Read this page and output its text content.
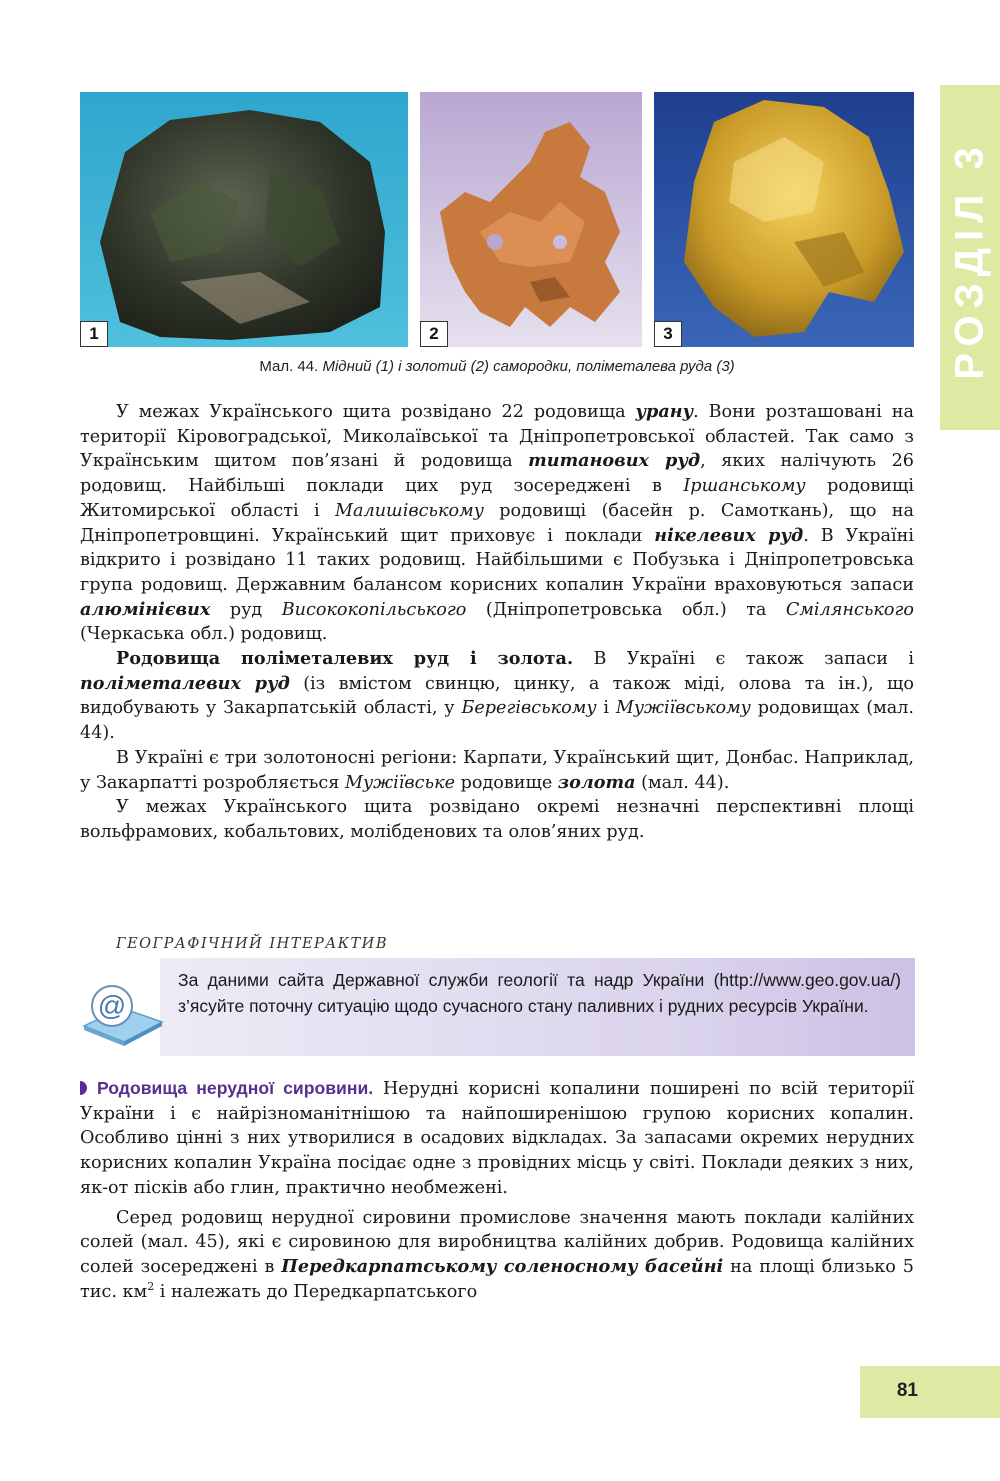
РОЗДІЛ 3
1	2	3
Мал. 44. Мідний (1) і золотий (2) самородки, поліметалева руда (3)

У межах Українського щита розвідано 22 родовища урану. Вони розташовані на території Кіровоградської, Миколаївської та Дніпропетровської областей. Так само з Українським щитом пов’язані й родовища титанових руд, яких налічують 26 родовищ. Найбільші поклади цих руд зосереджені в Іршанському родовищі Житомирської області і Малишівському родовищі (басейн р. Самоткань), що на Дніпропетровщині. Український щит приховує і поклади нікелевих руд. В Україні відкрито і розвідано 11 таких родовищ. Найбільшими є Побузька і Дніпропетровська група родовищ. Державним балансом корисних копалин України враховуються запаси алюмінієвих руд Висококопільського (Дніпропетровська обл.) та Смілянського (Черкаська обл.) родовищ.

Родовища поліметалевих руд і золота. В Україні є також запаси і поліметалевих руд (із вмістом свинцю, цинку, а також міді, олова та ін.), що видобувають у Закарпатській області, у Берегівському і Мужіївському родовищах (мал. 44).

В Україні є три золотоносні регіони: Карпати, Український щит, Донбас. Наприклад, у Закарпатті розробляється Мужіївське родовище золота (мал. 44).

У межах Українського щита розвідано окремі незначні перспективні площі вольфрамових, кобальтових, молібденових та олов’яних руд.

ГЕОГРАФІЧНИЙ ІНТЕРАКТИВ
За даними сайта Державної служби геології та надр України (http://www.geo.gov.ua/) з’ясуйте поточну ситуацію щодо сучасного стану паливних і рудних ресурсів України.
@

Родовища нерудної сировини. Нерудні корисні копалини поширені по всій території України і є найрізноманітнішою та найпоширенішою групою корисних копалин. Особливо цінні з них утворилися в осадових відкладах. За запасами окремих нерудних корисних копалин Україна посідає одне з провідних місць у світі. Поклади деяких з них, як-от пісків або глин, практично необмежені.

Серед родовищ нерудної сировини промислове значення мають поклади калійних солей (мал. 45), які є сировиною для виробництва калійних добрив. Родовища калійних солей зосереджені в Передкарпатському соленосному басейні на площі близько 5 тис. $км^2$ і належать до Передкарпатського

81
